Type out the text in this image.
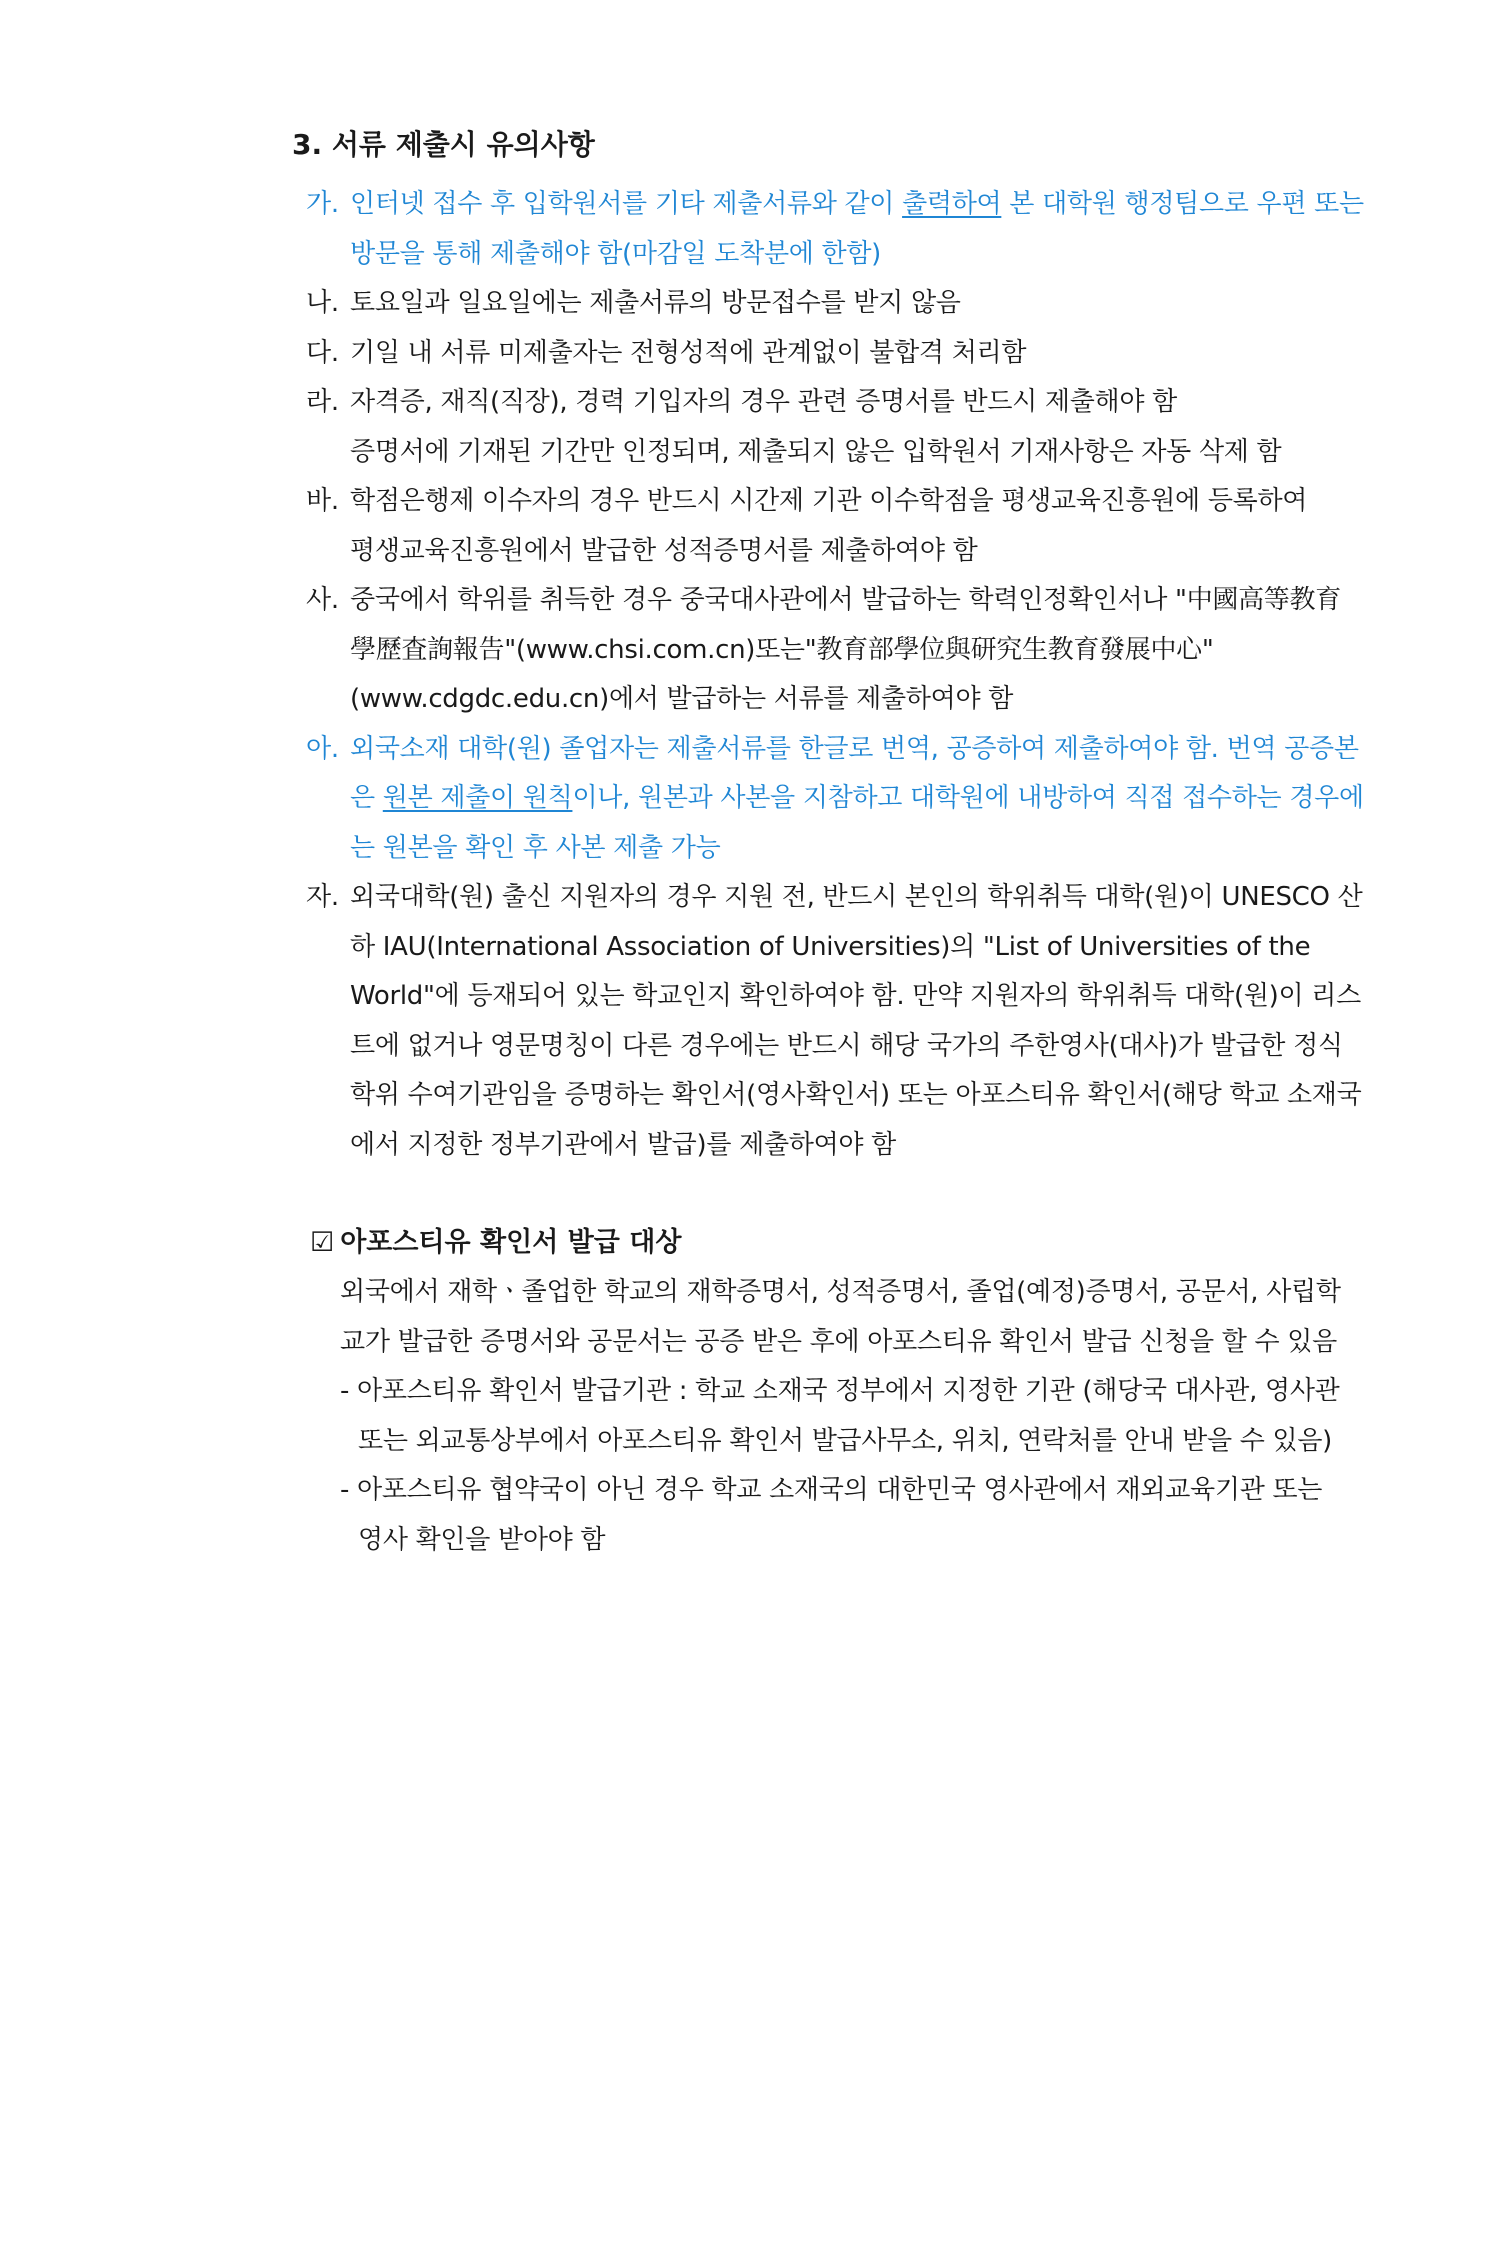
3. 서류 제출시 유의사항
가. 인터넷 접수 후 입학원서를 기타 제출서류와 같이 출력하여 본 대학원 행정팀으로 우편 또는
방문을 통해 제출해야 함(마감일 도착분에 한함)
나. 토요일과 일요일에는 제출서류의 방문접수를 받지 않음
다. 기일 내 서류 미제출자는 전형성적에 관계없이 불합격 처리함
라. 자격증, 재직(직장), 경력 기입자의 경우 관련 증명서를 반드시 제출해야 함
증명서에 기재된 기간만 인정되며, 제출되지 않은 입학원서 기재사항은 자동 삭제 함
바. 학점은행제 이수자의 경우 반드시 시간제 기관 이수학점을 평생교육진흥원에 등록하여
평생교육진흥원에서 발급한 성적증명서를 제출하여야 함
사. 중국에서 학위를 취득한 경우 중국대사관에서 발급하는 학력인정확인서나 "中國高等教育
學歷査詢報告"(www.chsi.com.cn)또는"教育部學位與研究生教育發展中心"
(www.cdgdc.edu.cn)에서 발급하는 서류를 제출하여야 함
아. 외국소재 대학(원) 졸업자는 제출서류를 한글로 번역, 공증하여 제출하여야 함. 번역 공증본
은 원본 제출이 원칙이나, 원본과 사본을 지참하고 대학원에 내방하여 직접 접수하는 경우에
는 원본을 확인 후 사본 제출 가능
자. 외국대학(원) 출신 지원자의 경우 지원 전, 반드시 본인의 학위취득 대학(원)이 UNESCO 산
하 IAU(International Association of Universities)의 "List of Universities of the
World"에 등재되어 있는 학교인지 확인하여야 함. 만약 지원자의 학위취득 대학(원)이 리스
트에 없거나 영문명칭이 다른 경우에는 반드시 해당 국가의 주한영사(대사)가 발급한 정식
학위 수여기관임을 증명하는 확인서(영사확인서) 또는 아포스티유 확인서(해당 학교 소재국
에서 지정한 정부기관에서 발급)를 제출하여야 함
☑ 아포스티유 확인서 발급 대상
외국에서 재학ㆍ졸업한 학교의 재학증명서, 성적증명서, 졸업(예정)증명서, 공문서, 사립학
교가 발급한 증명서와 공문서는 공증 받은 후에 아포스티유 확인서 발급 신청을 할 수 있음
- 아포스티유 확인서 발급기관 : 학교 소재국 정부에서 지정한 기관 (해당국 대사관, 영사관
또는 외교통상부에서 아포스티유 확인서 발급사무소, 위치, 연락처를 안내 받을 수 있음)
- 아포스티유 협약국이 아닌 경우 학교 소재국의 대한민국 영사관에서 재외교육기관 또는
영사 확인을 받아야 함
